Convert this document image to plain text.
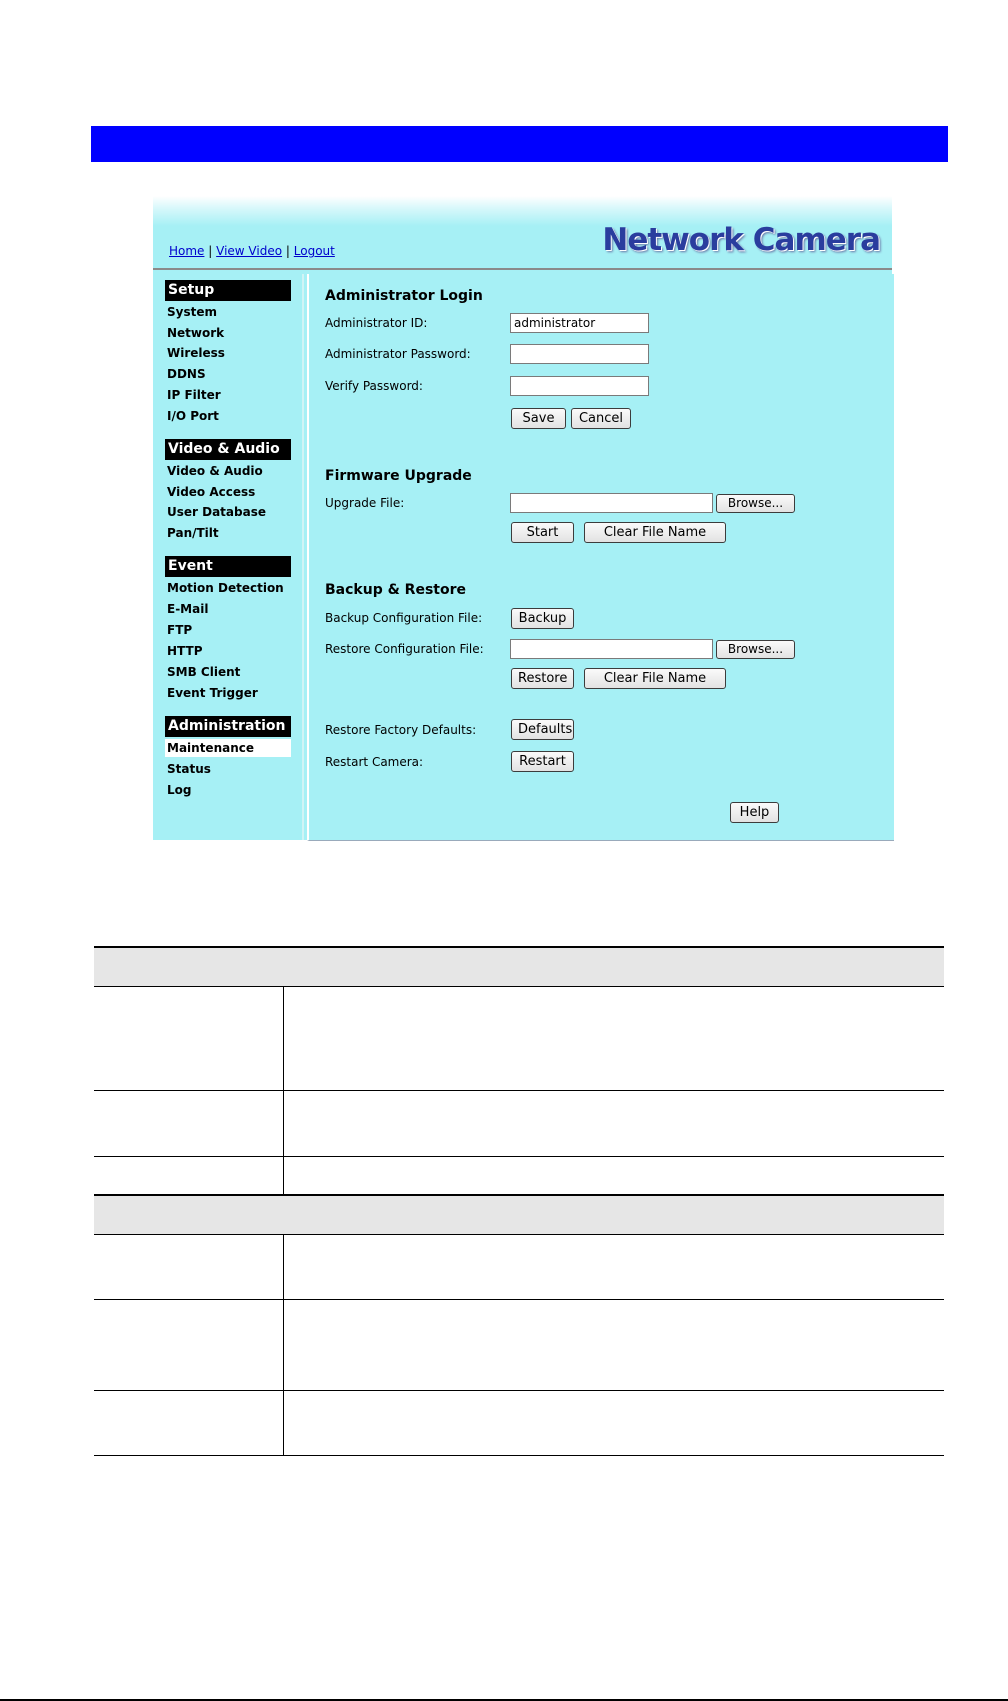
Home | View Video | Logout	Network Camera
Setup
System
Network
Wireless
DDNS
IP Filter
I/O Port
Video & Audio
Video & Audio
Video Access
User Database
Pan/Tilt
Event
Motion Detection
E-Mail
FTP
HTTP
SMB Client
Event Trigger
Administration
Maintenance
Status
Log
Administrator Login
Administrator ID:
administrator
Administrator Password:
Verify Password:
Save	Cancel
Firmware Upgrade
Upgrade File:	Browse...
Start	Clear File Name
Backup & Restore
Backup Configuration File:	Backup
Restore Configuration File:	Browse...
Restore	Clear File Name
Restore Factory Defaults:	Defaults
Restart Camera:	Restart
Help
